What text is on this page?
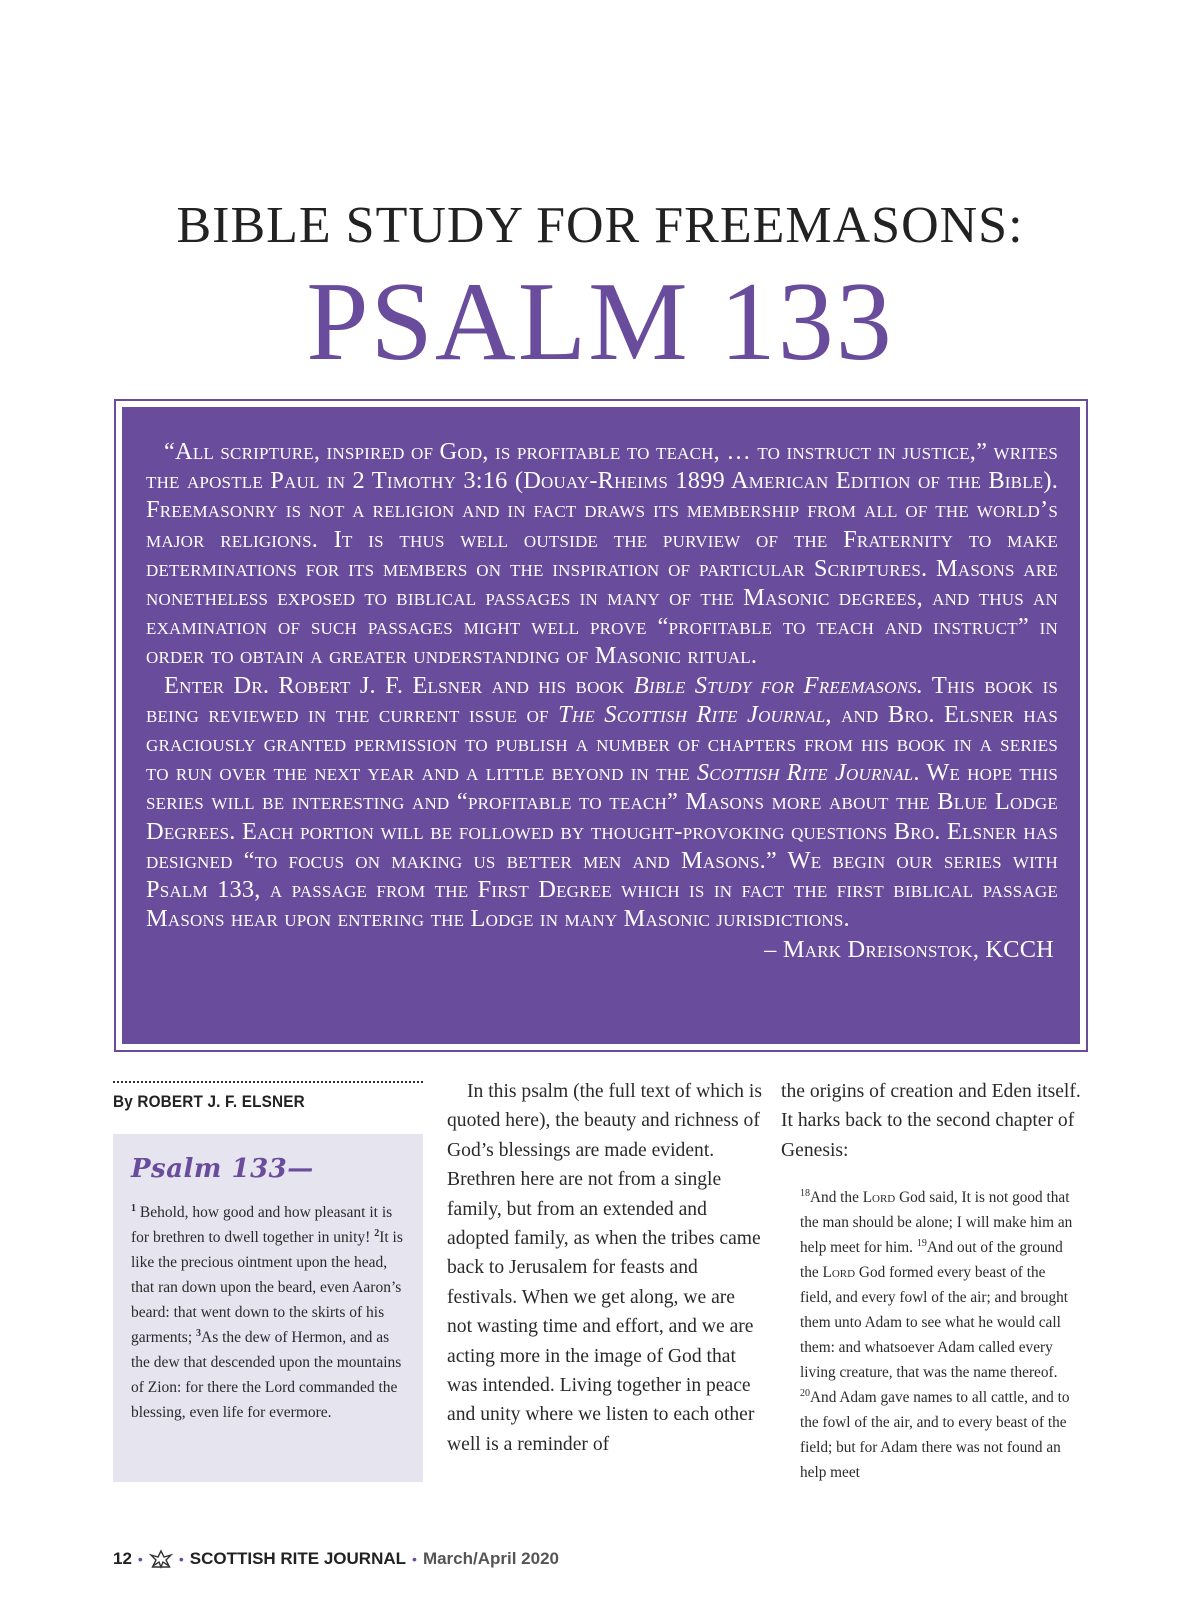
BIBLE STUDY FOR FREEMASONS:
PSALM 133

“All scripture, inspired of God, is profitable to teach, … to instruct in justice,” writes the apostle Paul in 2 Timothy 3:16 (Douay-Rheims 1899 American Edition of the Bible). Freemasonry is not a religion and in fact draws its membership from all of the world’s major religions. It is thus well outside the purview of the Fraternity to make determinations for its members on the inspiration of particular Scriptures. Masons are nonetheless exposed to biblical passages in many of the Masonic degrees, and thus an examination of such passages might well prove “profitable to teach and instruct” in order to obtain a greater understanding of Masonic ritual.

Enter Dr. Robert J. F. Elsner and his book Bible Study for Freemasons. This book is being reviewed in the current issue of The Scottish Rite Journal, and Bro. Elsner has graciously granted permission to publish a number of chapters from his book in a series to run over the next year and a little beyond in the Scottish Rite Journal. We hope this series will be interesting and “profitable to teach” Masons more about the Blue Lodge Degrees. Each portion will be followed by thought-provoking questions Bro. Elsner has designed “to focus on making us better men and Masons.” We begin our series with Psalm 133, a passage from the First Degree which is in fact the first biblical passage Masons hear upon entering the Lodge in many Masonic jurisdictions.

– Mark Dreisonstok, KCCH
By ROBERT J. F. ELSNER
Psalm 133—
$^1$ Behold, how good and how pleasant it is for brethren to dwell together in unity! $^2$It is like the precious ointment upon the head, that ran down upon the beard, even Aaron’s beard: that went down to the skirts of his garments; $^3$As the dew of Hermon, and as the dew that descended upon the mountains of Zion: for there the Lord commanded the blessing, even life for evermore.

In this psalm (the full text of which is quoted here), the beauty and richness of God’s blessings are made evident. Brethren here are not from a single family, but from an extended and adopted family, as when the tribes came back to Jerusalem for feasts and festivals. When we get along, we are not wasting time and effort, and we are acting more in the image of God that was intended. Living together in peace and unity where we listen to each other well is a reminder of

the origins of creation and Eden itself. It harks back to the second chapter of Genesis:

$^{18}$And the Lord God said, It is not good that the man should be alone; I will make him an help meet for him. $^{19}$And out of the ground the Lord God formed every beast of the field, and every fowl of the air; and brought them unto Adam to see what he would call them: and whatsoever Adam called every living creature, that was the name thereof. $^{20}$And Adam gave names to all cattle, and to the fowl of the air, and to every beast of the field; but for Adam there was not found an help meet
12 •	• SCOTTISH RITE JOURNAL • March/April 2020
